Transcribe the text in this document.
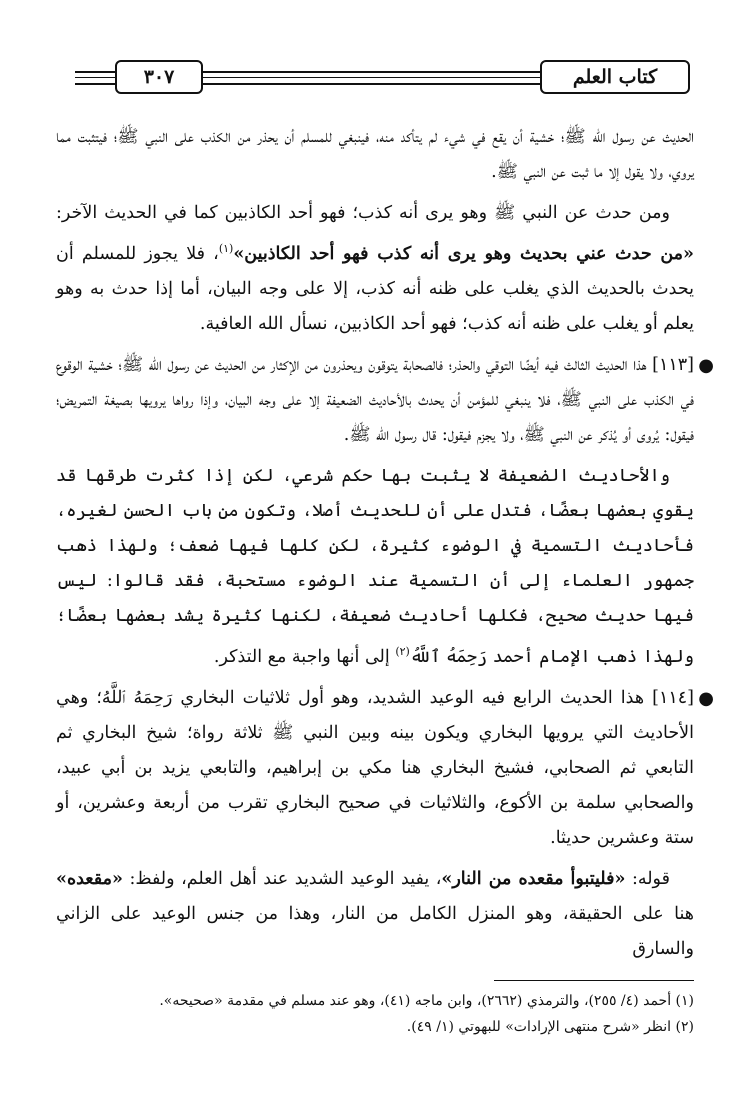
كتاب العلم
٣٠٧

الحديث عن رسول الله ﷺ؛ خشية أن يقع في شيء لم يتأكد منه، فينبغي للمسلم أن يحذر من الكذب على النبي ﷺ؛ فيتثبت مما يروي، ولا يقول إلا ما ثبت عن النبي ﷺ.

ومن حدث عن النبي ﷺ وهو يرى أنه كذب؛ فهو أحد الكاذبين كما في الحديث الآخر: «من حدث عني بحديث وهو يرى أنه كذب فهو أحد الكاذبين»$^{(١)}$، فلا يجوز للمسلم أن يحدث بالحديث الذي يغلب على ظنه أنه كذب، إلا على وجه البيان، أما إذا حدث به وهو يعلم أو يغلب على ظنه أنه كذب؛ فهو أحد الكاذبين، نسأل الله العافية.

●
[١١٣] هذا الحديث الثالث فيه أيضًا التوقي والحذر؛ فالصحابة يتوقون ويحذرون من الإكثار من الحديث عن رسول الله ﷺ؛ خشية الوقوع في الكذب على النبي ﷺ، فلا ينبغي للمؤمن أن يحدث بالأحاديث الضعيفة إلا على وجه البيان، وإذا رواها يرويها بصيغة التمريض؛ فيقول: يُروى أو يُذكر عن النبي ﷺ، ولا يجزم فيقول: قال رسول الله ﷺ.

والأحاديث الضعيفة لا يثبت بها حكم شرعي، لكن إذا كثرت طرقها قد يقوي بعضها بعضًا، فتدل على أن للحديث أصلا، وتكون من باب الحسن لغيره، فأحاديث التسمية في الوضوء كثيرة، لكن كلها فيها ضعف؛ ولهذا ذهب جمهور العلماء إلى أن التسمية عند الوضوء مستحبة، فقد قالوا: ليس فيها حديث صحيح، فكلها أحاديث ضعيفة، لكنها كثيرة يشد بعضها بعضًا؛ ولهذا ذهب الإمام أحمد رَحِمَهُ ٱللَّهُ$^{(٢)}$ إلى أنها واجبة مع التذكر.

●
[١١٤] هذا الحديث الرابع فيه الوعيد الشديد، وهو أول ثلاثيات البخاري رَحِمَهُ ٱللَّهُ؛ وهي الأحاديث التي يرويها البخاري ويكون بينه وبين النبي ﷺ ثلاثة رواة؛ شيخ البخاري ثم التابعي ثم الصحابي، فشيخ البخاري هنا مكي بن إبراهيم، والتابعي يزيد بن أبي عبيد، والصحابي سلمة بن الأكوع، والثلاثيات في صحيح البخاري تقرب من أربعة وعشرين، أو ستة وعشرين حديثا.

قوله: «فليتبوأ مقعده من النار»، يفيد الوعيد الشديد عند أهل العلم، ولفظ: «مقعده» هنا على الحقيقة، وهو المنزل الكامل من النار، وهذا من جنس الوعيد على الزاني والسارق

(١) أحمد (٤/ ٢٥٥)، والترمذي (٢٦٦٢)، وابن ماجه (٤١)، وهو عند مسلم في مقدمة «صحيحه».

(٢) انظر «شرح منتهى الإرادات» للبهوتي (١/ ٤٩).
